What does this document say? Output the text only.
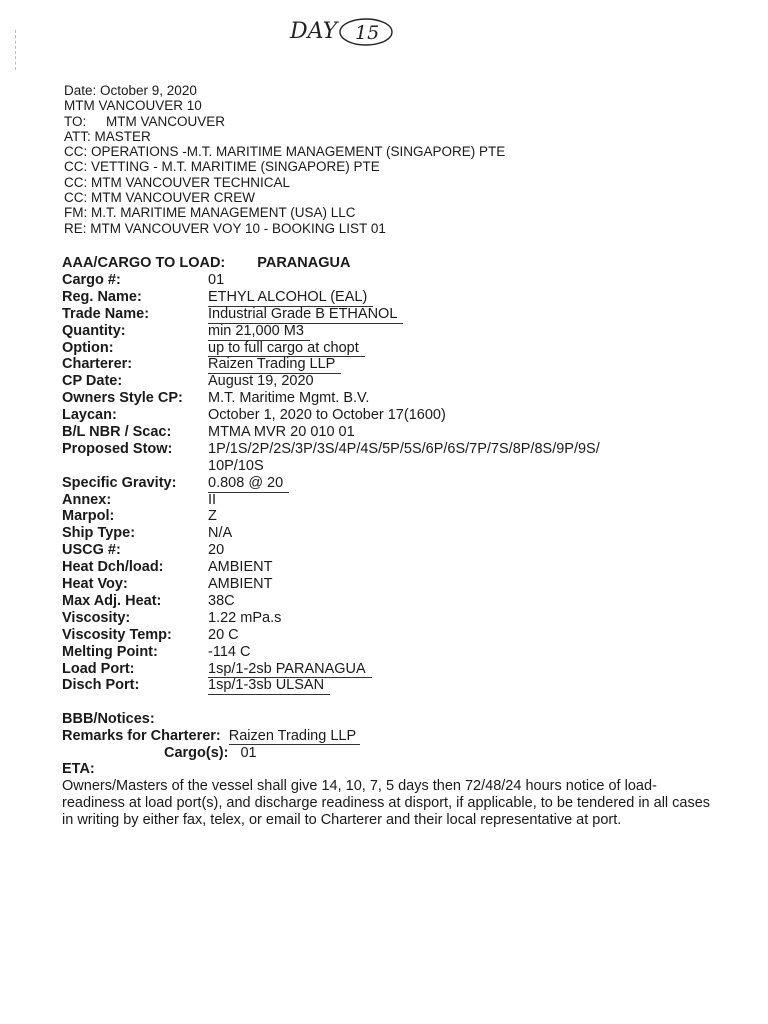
DAY 15
Date: October 9, 2020
MTM VANCOUVER 10
TO: MTM VANCOUVER
ATT: MASTER
CC: OPERATIONS -M.T. MARITIME MANAGEMENT (SINGAPORE) PTE
CC: VETTING - M.T. MARITIME (SINGAPORE) PTE
CC: MTM VANCOUVER TECHNICAL
CC: MTM VANCOUVER CREW
FM: M.T. MARITIME MANAGEMENT (USA) LLC
RE: MTM VANCOUVER VOY 10 - BOOKING LIST 01
AAA/CARGO TO LOAD: PARANAGUA
Cargo #:	01
Reg. Name:	ETHYL ALCOHOL (EAL)
Trade Name:	Industrial Grade B ETHANOL
Quantity:	min 21,000 M3
Option:	up to full cargo at chopt
Charterer:	Raizen Trading LLP
CP Date:	August 19, 2020
Owners Style CP: M.T. Maritime Mgmt. B.V.
Laycan:	October 1, 2020 to October 17(1600)
B/L NBR / Scac:	MTMA MVR 20 010 01
Proposed Stow: 1P/1S/2P/2S/3P/3S/4P/4S/5P/5S/6P/6S/7P/7S/8P/8S/9P/9S/
10P/10S
Specific Gravity: 0.808 @ 20
Annex:	II
Marpol:	Z
Ship Type:	N/A
USCG #:	20
Heat Dch/load:	AMBIENT
Heat Voy:	AMBIENT
Max Adj. Heat:	38C
Viscosity:	1.22 mPa.s
Viscosity Temp: 20 C
Melting Point:	-114 C
Load Port:	1sp/1-2sb PARANAGUA
Disch Port:	1sp/1-3sb ULSAN
BBB/Notices:
Remarks for Charterer: Raizen Trading LLP
Cargo(s): 01
ETA:
Owners/Masters of the vessel shall give 14, 10, 7, 5 days then 72/48/24 hours notice of load-readiness at load port(s), and discharge readiness at disport, if applicable, to be tendered in all cases in writing by either fax, telex, or email to Charterer and their local representative at port.
